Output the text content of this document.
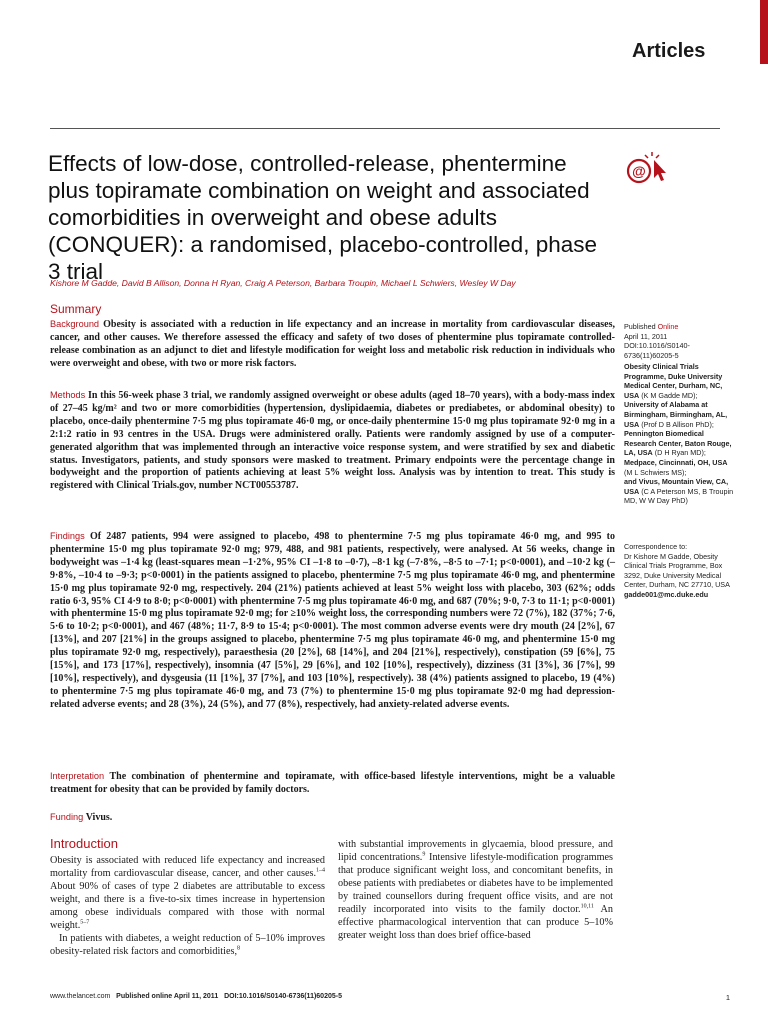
Articles
Effects of low-dose, controlled-release, phentermine plus topiramate combination on weight and associated comorbidities in overweight and obese adults (CONQUER): a randomised, placebo-controlled, phase 3 trial
@
Kishore M Gadde, David B Allison, Donna H Ryan, Craig A Peterson, Barbara Troupin, Michael L Schwiers, Wesley W Day
Summary

Background Obesity is associated with a reduction in life expectancy and an increase in mortality from cardiovascular diseases, cancer, and other causes. We therefore assessed the efficacy and safety of two doses of phentermine plus topiramate controlled-release combination as an adjunct to diet and lifestyle modification for weight loss and metabolic risk reduction in individuals who were overweight and obese, with two or more risk factors.

Methods In this 56-week phase 3 trial, we randomly assigned overweight or obese adults (aged 18–70 years), with a body-mass index of 27–45 kg/m² and two or more comorbidities (hypertension, dyslipidaemia, diabetes or prediabetes, or abdominal obesity) to placebo, once-daily phentermine 7·5 mg plus topiramate 46·0 mg, or once-daily phentermine 15·0 mg plus topiramate 92·0 mg in a 2:1:2 ratio in 93 centres in the USA. Drugs were administered orally. Patients were randomly assigned by use of a computer-generated algorithm that was implemented through an interactive voice response system, and were stratified by sex and diabetic status. Investigators, patients, and study sponsors were masked to treatment. Primary endpoints were the percentage change in bodyweight and the proportion of patients achieving at least 5% weight loss. Analysis was by intention to treat. This study is registered with Clinical Trials.gov, number NCT00553787.

Findings Of 2487 patients, 994 were assigned to placebo, 498 to phentermine 7·5 mg plus topiramate 46·0 mg, and 995 to phentermine 15·0 mg plus topiramate 92·0 mg; 979, 488, and 981 patients, respectively, were analysed. At 56 weeks, change in bodyweight was –1·4 kg (least-squares mean –1·2%, 95% CI –1·8 to –0·7), –8·1 kg (–7·8%, –8·5 to –7·1; p<0·0001), and –10·2 kg (–9·8%, –10·4 to –9·3; p<0·0001) in the patients assigned to placebo, phentermine 7·5 mg plus topiramate 46·0 mg, and phentermine 15·0 mg plus topiramate 92·0 mg, respectively. 204 (21%) patients achieved at least 5% weight loss with placebo, 303 (62%; odds ratio 6·3, 95% CI 4·9 to 8·0; p<0·0001) with phentermine 7·5 mg plus topiramate 46·0 mg, and 687 (70%; 9·0, 7·3 to 11·1; p<0·0001) with phentermine 15·0 mg plus topiramate 92·0 mg; for ≥10% weight loss, the corresponding numbers were 72 (7%), 182 (37%; 7·6, 5·6 to 10·2; p<0·0001), and 467 (48%; 11·7, 8·9 to 15·4; p<0·0001). The most common adverse events were dry mouth (24 [2%], 67 [13%], and 207 [21%] in the groups assigned to placebo, phentermine 7·5 mg plus topiramate 46·0 mg, and phentermine 15·0 mg plus topiramate 92·0 mg, respectively), paraesthesia (20 [2%], 68 [14%], and 204 [21%], respectively), constipation (59 [6%], 75 [15%], and 173 [17%], respectively), insomnia (47 [5%], 29 [6%], and 102 [10%], respectively), dizziness (31 [3%], 36 [7%], 99 [10%], respectively), and dysgeusia (11 [1%], 37 [7%], and 103 [10%], respectively). 38 (4%) patients assigned to placebo, 19 (4%) to phentermine 7·5 mg plus topiramate 46·0 mg, and 73 (7%) to phentermine 15·0 mg plus topiramate 92·0 mg had depression-related adverse events; and 28 (3%), 24 (5%), and 77 (8%), respectively, had anxiety-related adverse events.

Interpretation The combination of phentermine and topiramate, with office-based lifestyle interventions, might be a valuable treatment for obesity that can be provided by family doctors.

Funding Vivus.

Published Online
April 11, 2011
DOI:10.1016/S0140-6736(11)60205-5
Obesity Clinical Trials Programme, Duke University Medical Center, Durham, NC, USA (K M Gadde MD);
University of Alabama at Birmingham, Birmingham, AL, USA (Prof D B Allison PhD);
Pennington Biomedical Research Center, Baton Rouge, LA, USA (D H Ryan MD);
Medpace, Cincinnati, OH, USA (M L Schwiers MS);
and Vivus, Mountain View, CA, USA (C A Peterson MS, B Troupin MD, W W Day PhD)
Correspondence to:
Dr Kishore M Gadde, Obesity Clinical Trials Programme, Box 3292, Duke University Medical Center, Durham, NC 27710, USA
gadde001@mc.duke.edu
Introduction

Obesity is associated with reduced life expectancy and increased mortality from cardiovascular disease, cancer, and other causes.$^{1-4}$ About 90% of cases of type 2 diabetes are attributable to excess weight, and there is a five-to-six times increase in hypertension among obese individuals compared with those with normal weight.$^{5-7}$

In patients with diabetes, a weight reduction of 5–10% improves obesity-related risk factors and comorbidities,$^8$

with substantial improvements in glycaemia, blood pressure, and lipid concentrations.$^9$ Intensive lifestyle-modification programmes that produce significant weight loss, and concomitant benefits, in obese patients with prediabetes or diabetes have to be implemented by trained counsellors during frequent office visits, and are not readily incorporated into visits to the family doctor.$^{10,11}$ An effective pharmacological intervention that can produce 5–10% greater weight loss than does brief office-based

www.thelancet.com Published online April 11, 2011 DOI:10.1016/S0140-6736(11)60205-5	1
